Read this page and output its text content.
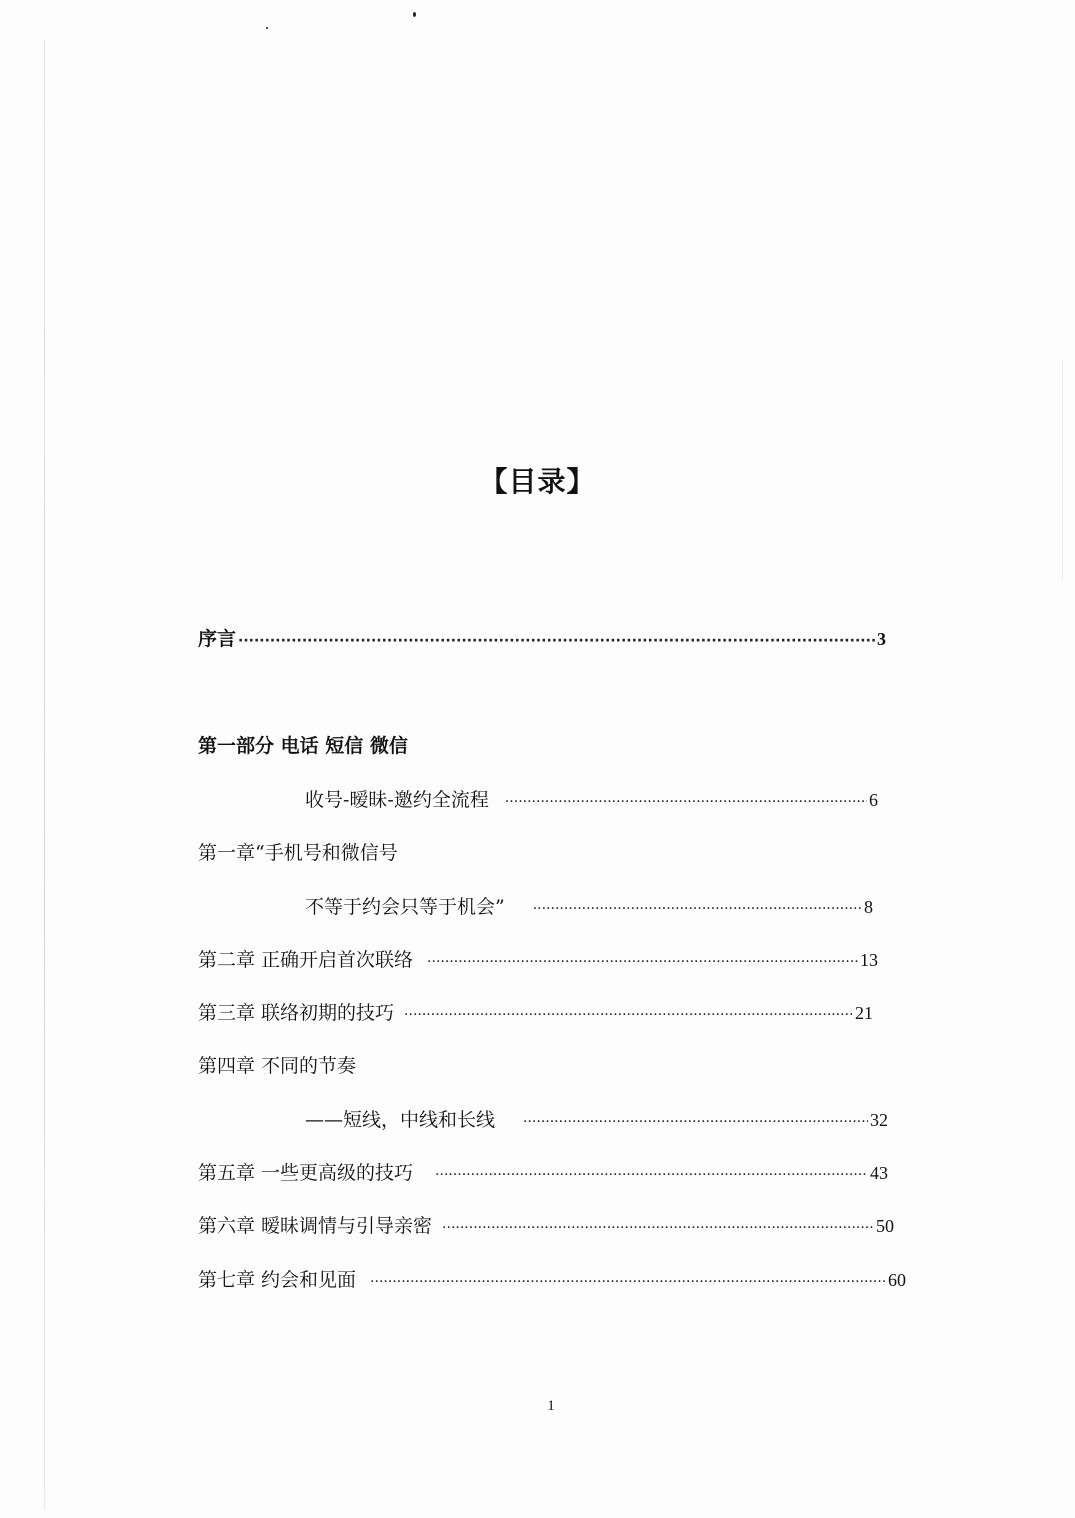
【目录】
序言 ·····	3
第一部分 电话 短信 微信
收号-暧昧-邀约全流程 ·····	6
第一章“手机号和微信号
不等于约会只等于机会” ·····	8
第二章 正确开启首次联络 ·····	13
第三章 联络初期的技巧 ·····	21
第四章 不同的节奏
——短线，中线和长线 ·····	32
第五章 一些更高级的技巧 ·····	43
第六章 暧昧调情与引导亲密 ·····	50
第七章 约会和见面 ·····	60
1
